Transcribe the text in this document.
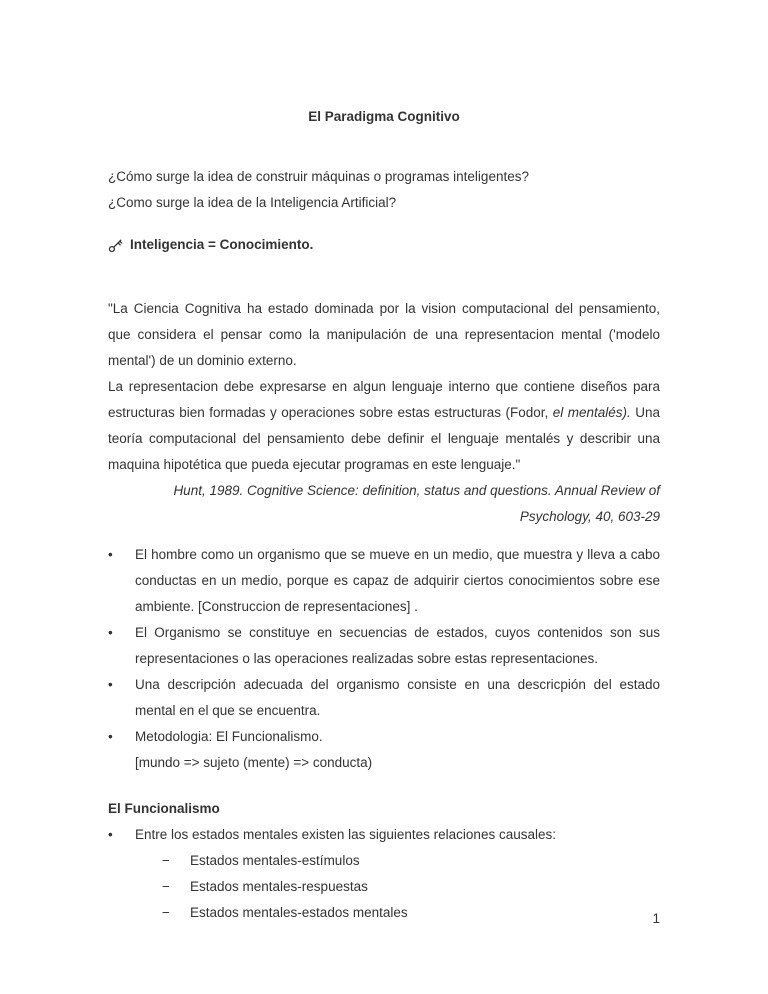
El Paradigma Cognitivo
¿Cómo surge la idea de construir máquinas o programas inteligentes?
¿Como surge la idea de la Inteligencia Artificial?
Inteligencia = Conocimiento.
"La Ciencia Cognitiva ha estado dominada por la vision computacional del pensamiento, que considera el pensar como la manipulación de una representacion mental ('modelo mental') de un dominio externo.
La representacion debe expresarse en algun lenguaje interno que contiene diseños para estructuras bien formadas y operaciones sobre estas estructuras (Fodor, el mentalés). Una teoría computacional del pensamiento debe definir el lenguaje mentalés y describir una maquina hipotética que pueda ejecutar programas en este lenguaje."
Hunt, 1989. Cognitive Science: definition, status and questions. Annual Review of
Psychology, 40, 603-29
•	El hombre como un organismo que se mueve en un medio, que muestra y lleva a cabo conductas en un medio, porque es capaz de adquirir ciertos conocimientos sobre ese ambiente. [Construccion de representaciones] .
•	El Organismo se constituye en secuencias de estados, cuyos contenidos son sus representaciones o las operaciones realizadas sobre estas representaciones.
•	Una descripción adecuada del organismo consiste en una descricpión del estado mental en el que se encuentra.
•	Metodologia: El Funcionalismo.
[mundo => sujeto (mente) => conducta)
El Funcionalismo
•	Entre los estados mentales existen las siguientes relaciones causales:
−	Estados mentales-estímulos
−	Estados mentales-respuestas
−	Estados mentales-estados mentales	1
